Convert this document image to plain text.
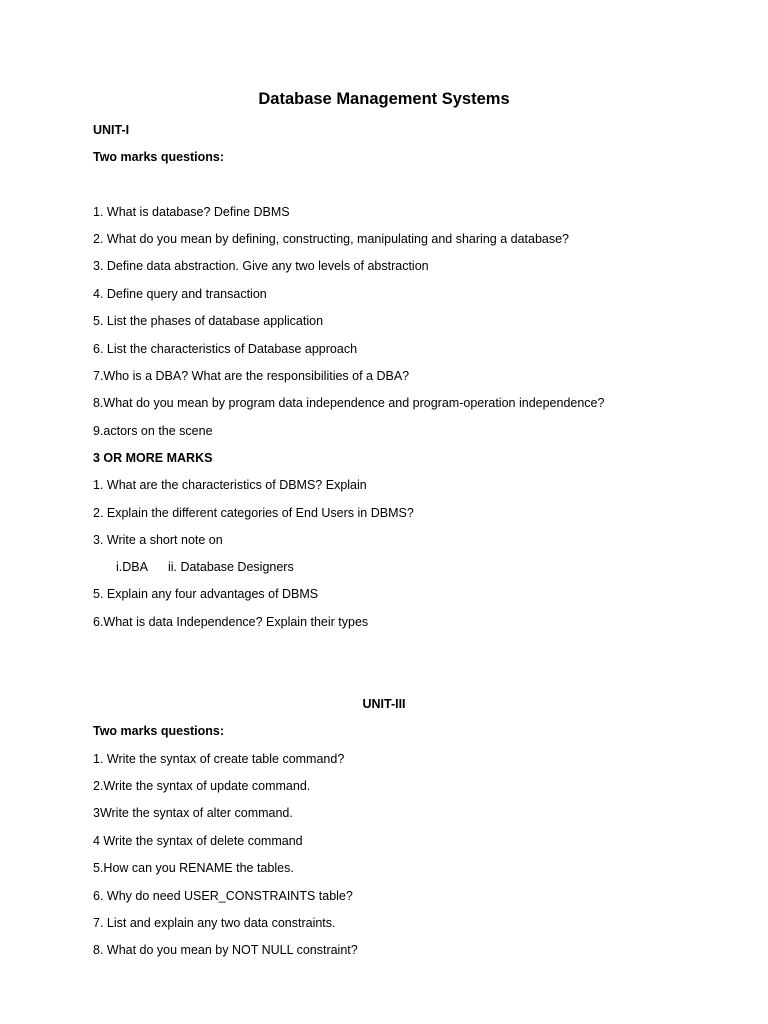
Database Management Systems
UNIT-I
Two marks questions:
1. What is database? Define DBMS
2. What do you mean by defining, constructing, manipulating and sharing a database?
3. Define data abstraction. Give any two levels of abstraction
4. Define query and transaction
5. List the phases of database application
6. List the characteristics of Database approach
7.Who is a DBA? What are the responsibilities of a DBA?
8.What do you mean by program data independence and program-operation independence?
9.actors on the scene
3 OR MORE MARKS
1. What are the characteristics of DBMS? Explain
2. Explain the different categories of End Users in DBMS?
3. Write a short note on
i.DBA ii. Database Designers
5. Explain any four advantages of DBMS
6.What is data Independence? Explain their types
UNIT-III
Two marks questions:
1. Write the syntax of create table command?
2.Write the syntax of update command.
3Write the syntax of alter command.
4 Write the syntax of delete command
5.How can you RENAME the tables.
6. Why do need USER_CONSTRAINTS table?
7. List and explain any two data constraints.
8. What do you mean by NOT NULL constraint?
